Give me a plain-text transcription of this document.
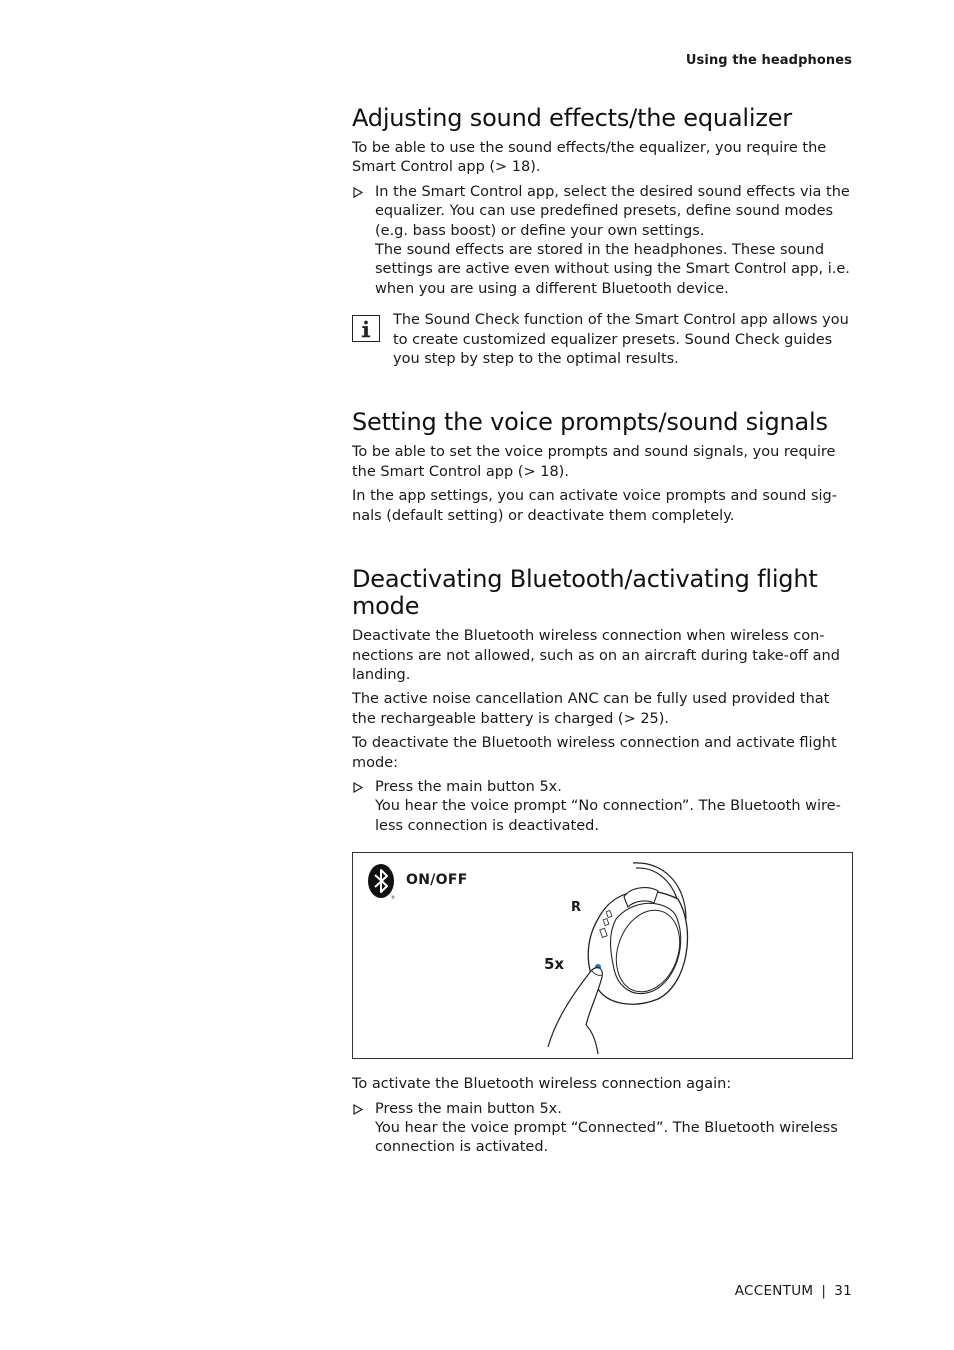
Using the headphones
Adjusting sound effects/the equalizer

To be able to use the sound effects/the equalizer, you require the Smart Control app (> 18).

In the Smart Control app, select the desired sound effects via the equalizer. You can use predefined presets, define sound modes (e.g. bass boost) or define your own settings.
The sound effects are stored in the headphones. These sound settings are active even without using the Smart Control app, i.e. when you are using a different Bluetooth device.
The Sound Check function of the Smart Control app allows you to create customized equalizer presets. Sound Check guides you step by step to the optimal results.
Setting the voice prompts/sound signals

To be able to set the voice prompts and sound signals, you require the Smart Control app (> 18).

In the app settings, you can activate voice prompts and sound sig-nals (default setting) or deactivate them completely.

Deactivating Bluetooth/activating flight mode

Deactivate the Bluetooth wireless connection when wireless con-nections are not allowed, such as on an aircraft during take-off and landing.

The active noise cancellation ANC can be fully used provided that the rechargeable battery is charged (> 25).

To deactivate the Bluetooth wireless connection and activate flight mode:

Press the main button 5x.
You hear the voice prompt “No connection”. The Bluetooth wire-less connection is deactivated.
®
ON/OFF
R
5x

To activate the Bluetooth wireless connection again:

Press the main button 5x.
You hear the voice prompt “Connected”. The Bluetooth wireless connection is activated.
ACCENTUM | 31
